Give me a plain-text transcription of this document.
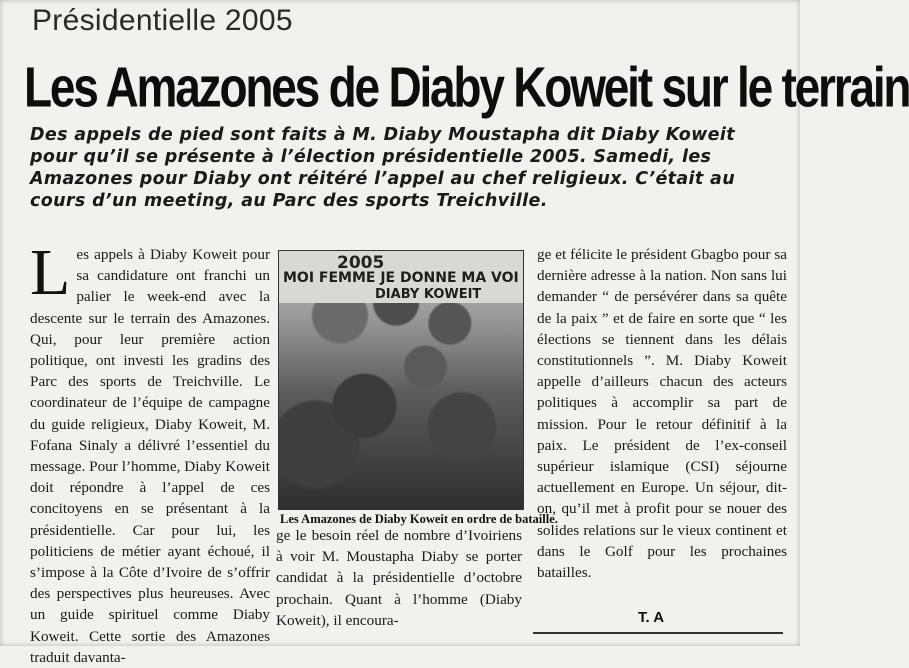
Présidentielle 2005
Les Amazones de Diaby Koweit sur le terrain
Des appels de pied sont faits à M. Diaby Moustapha dit Diaby Koweit pour qu’il se présente à l’élection présidentielle 2005. Samedi, les Amazones pour Diaby ont réitéré l’appel au chef religieux. C’était au cours d’un meeting, au Parc des sports Treichville.
Les appels à Diaby Koweit pour sa candidature ont franchi un palier le week-end avec la descente sur le terrain des Amazones. Qui, pour leur première action politique, ont investi les gradins des Parc des sports de Treichville. Le coordinateur de l’équipe de campagne du guide religieux, Diaby Koweit, M. Fofana Sinaly a délivré l’essentiel du message. Pour l’homme, Diaby Koweit doit répondre à l’appel de ces concitoyens en se présentant à la présidentielle. Car pour lui, les politiciens de métier ayant échoué, il s’impose à la Côte d’Ivoire de s’offrir des perspectives plus heureuses. Avec un guide spirituel comme Diaby Koweit. Cette sortie des Amazones traduit davanta-
2005
MOI FEMME JE DONNE MA VOI
DIABY KOWEIT
Les Amazones de Diaby Koweit en ordre de bataille.
ge le besoin réel de nombre d’Ivoiriens à voir M. Moustapha Diaby se porter candidat à la présidentielle d’octobre prochain. Quant à l’homme (Diaby Koweit), il encoura-
ge et félicite le président Gbagbo pour sa dernière adresse à la nation. Non sans lui demander “ de persévérer dans sa quête de la paix ” et de faire en sorte que “ les élections se tiennent dans les délais constitutionnels ”. M. Diaby Koweit appelle d’ailleurs chacun des acteurs politiques à accomplir sa part de mission. Pour le retour définitif à la paix. Le président de l’ex-conseil supérieur islamique (CSI) séjourne actuellement en Europe. Un séjour, dit-on, qu’il met à profit pour se nouer des solides relations sur le vieux continent et dans le Golf pour les prochaines batailles.
T. A
